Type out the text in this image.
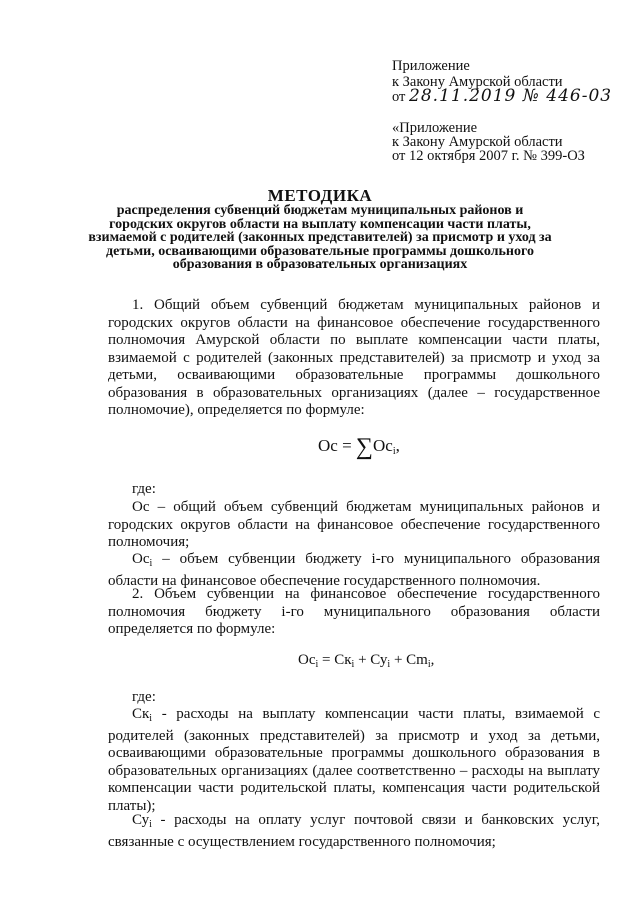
Приложение
к Закону Амурской области
от 28.11.2019 № 446-03
«Приложение
к Закону Амурской области
от 12 октября 2007 г. № 399-ОЗ
МЕТОДИКА
распределения субвенций бюджетам муниципальных районов и
городских округов области на выплату компенсации части платы,
взимаемой с родителей (законных представителей) за присмотр и уход за
детьми, осваивающими образовательные программы дошкольного
образования в образовательных организациях
1. Общий объем субвенций бюджетам муниципальных районов и
городских округов области на финансовое обеспечение государственного
полномочия Амурской области по выплате компенсации части платы,
взимаемой с родителей (законных представителей) за присмотр и уход за
детьми, осваивающими образовательные программы дошкольного
образования в образовательных организациях (далее – государственное
полномочие), определяется по формуле:
Ос = $\sum Ос_i$,
где:
Ос – общий объем субвенций бюджетам муниципальных районов и
городских округов области на финансовое обеспечение государственного
полномочия;
$Ос_i$ – объем субвенции бюджету i-го муниципального образования
области на финансовое обеспечение государственного полномочия.
2. Объем субвенции на финансовое обеспечение государственного
полномочия бюджету i-го муниципального образования области
определяется по формуле:
$Ос_i = Ск_i + Су_i + Сm_i$,
где:
$Ск_i$ - расходы на выплату компенсации части платы, взимаемой с
родителей (законных представителей) за присмотр и уход за детьми,
осваивающими образовательные программы дошкольного образования в
образовательных организациях (далее соответственно – расходы на выплату
компенсации части родительской платы, компенсация части родительской
платы);
$Су_i$ - расходы на оплату услуг почтовой связи и банковских услуг,
связанные с осуществлением государственного полномочия;
